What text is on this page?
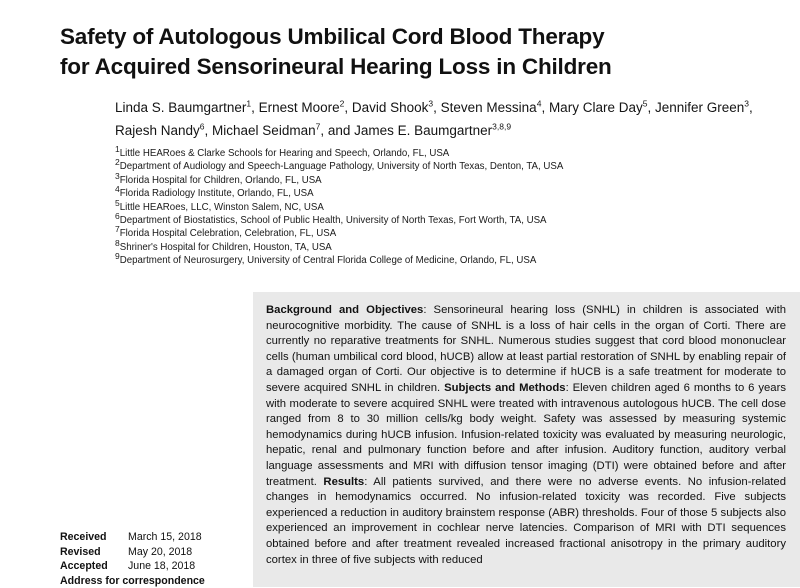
Safety of Autologous Umbilical Cord Blood Therapy
for Acquired Sensorineural Hearing Loss in Children
Linda S. Baumgartner$^1$, Ernest Moore$^2$, David Shook$^3$, Steven Messina$^4$, Mary Clare Day$^5$, Jennifer Green$^3$, Rajesh Nandy$^6$, Michael Seidman$^7$, and James E. Baumgartner$^{3,8,9}$
$^1$Little HEARoes & Clarke Schools for Hearing and Speech, Orlando, FL, USA
$^2$Department of Audiology and Speech-Language Pathology, University of North Texas, Denton, TA, USA
$^3$Florida Hospital for Children, Orlando, FL, USA
$^4$Florida Radiology Institute, Orlando, FL, USA
$^5$Little HEARoes, LLC, Winston Salem, NC, USA
$^6$Department of Biostatistics, School of Public Health, University of North Texas, Fort Worth, TA, USA
$^7$Florida Hospital Celebration, Celebration, FL, USA
$^8$Shriner's Hospital for Children, Houston, TA, USA
$^9$Department of Neurosurgery, University of Central Florida College of Medicine, Orlando, FL, USA
Background and Objectives: Sensorineural hearing loss (SNHL) in children is associated with neurocognitive morbidity. The cause of SNHL is a loss of hair cells in the organ of Corti. There are currently no reparative treatments for SNHL. Numerous studies suggest that cord blood mononuclear cells (human umbilical cord blood, hUCB) allow at least partial restoration of SNHL by enabling repair of a damaged organ of Corti. Our objective is to determine if hUCB is a safe treatment for moderate to severe acquired SNHL in children. Subjects and Methods: Eleven children aged 6 months to 6 years with moderate to severe acquired SNHL were treated with intravenous autologous hUCB. The cell dose ranged from 8 to 30 million cells/kg body weight. Safety was assessed by measuring systemic hemodynamics during hUCB infusion. Infusion-related toxicity was evaluated by measuring neurologic, hepatic, renal and pulmonary function before and after infusion. Auditory function, auditory verbal language assessments and MRI with diffusion tensor imaging (DTI) were obtained before and after treatment. Results: All patients survived, and there were no adverse events. No infusion-related changes in hemodynamics occurred. No infusion-related toxicity was recorded. Five subjects experienced a reduction in auditory brainstem response (ABR) thresholds. Four of those 5 subjects also experienced an improvement in cochlear nerve latencies. Comparison of MRI with DTI sequences obtained before and after treatment revealed increased fractional anisotropy in the primary auditory cortex in three of five subjects with reduced
Received	March 15, 2018
Revised	May 20, 2018
Accepted	June 18, 2018
Address for correspondence
